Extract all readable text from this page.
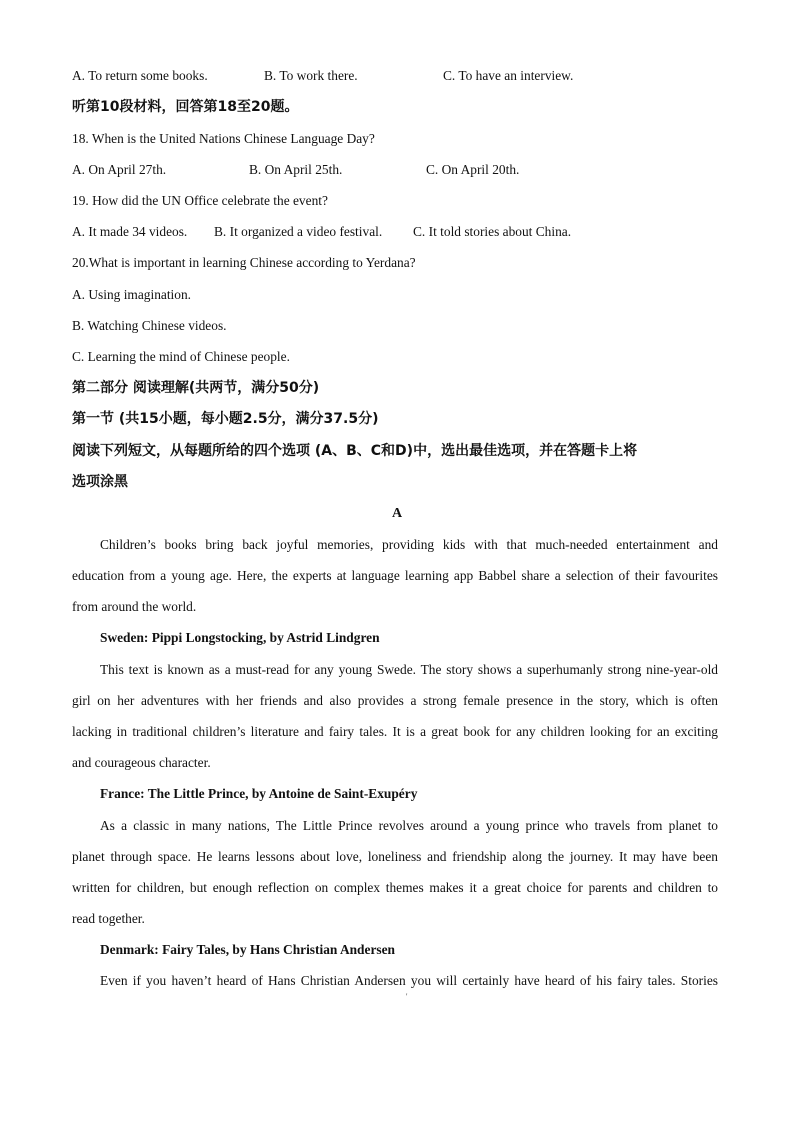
A. To return some books.	B. To work there.	C. To have an interview.
听第10段材料，回答第18至20题。
18. When is the United Nations Chinese Language Day?
A. On April 27th.	B. On April 25th.	C. On April 20th.
19. How did the UN Office celebrate the event?
A. It made 34 videos. B. It organized a video festival. C. It told stories about China.
20.What is important in learning Chinese according to Yerdana?
A. Using imagination.
B. Watching Chinese videos.
C. Learning the mind of Chinese people.
第二部分 阅读理解(共两节，满分50分)
第一节 (共15小题，每小题2.5分，满分37.5分)
阅读下列短文，从每题所给的四个选项 (A、B、C和D)中，选出最佳选项，并在答题卡上将
选项涂黑
A
Children’s books bring back joyful memories, providing kids with that much-needed entertainment and
education from a young age. Here, the experts at language learning app Babbel share a selection of their favourites
from around the world.
Sweden: Pippi Longstocking, by Astrid Lindgren
This text is known as a must-read for any young Swede. The story shows a superhumanly strong nine-year-old
girl on her adventures with her friends and also provides a strong female presence in the story, which is often
lacking in traditional children’s literature and fairy tales. It is a great book for any children looking for an exciting
and courageous character.
France: The Little Prince, by Antoine de Saint-Exupéry
As a classic in many nations, The Little Prince revolves around a young prince who travels from planet to
planet through space. He learns lessons about love, loneliness and friendship along the journey. It may have been
written for children, but enough reflection on complex themes makes it a great choice for parents and children to
read together.
Denmark: Fairy Tales, by Hans Christian Andersen
Even if you haven’t heard of Hans Christian Andersen you will certainly have heard of his fairy tales. Stories
'
